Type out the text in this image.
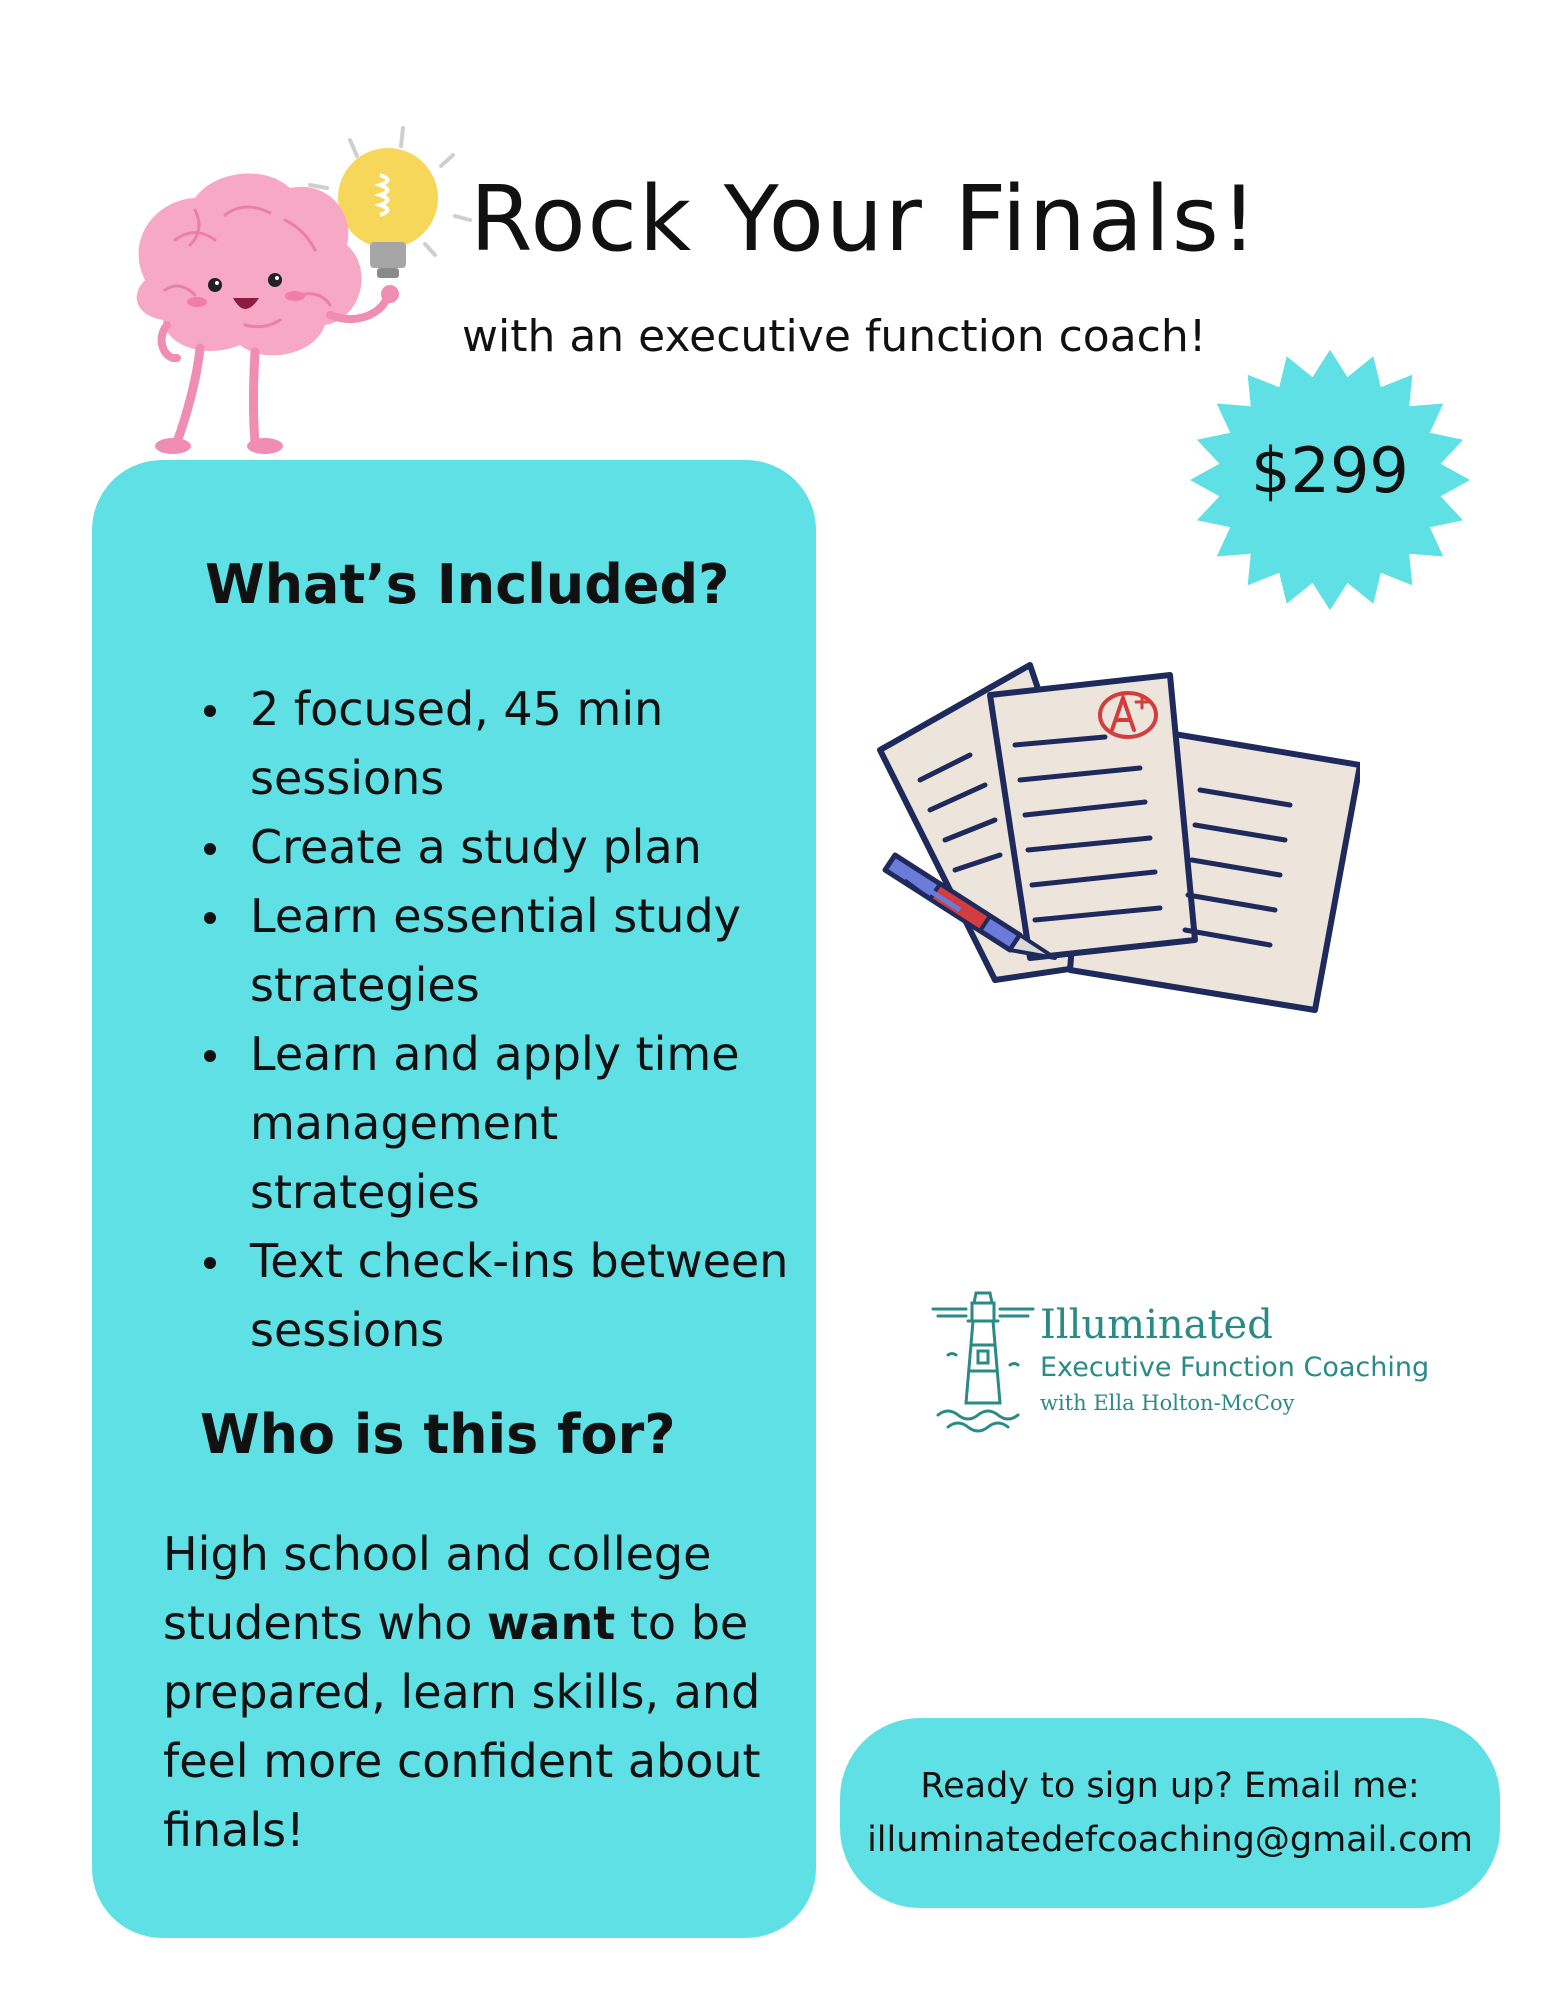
Rock Your Finals!
with an executive function coach!
$299
What’s Included?
2 focused, 45 min sessions
Create a study plan
Learn essential study strategies
Learn and apply time management strategies
Text check-ins between sessions
Who is this for?
High school and college students who want to be prepared, learn skills, and feel more confident about finals!
Illuminated
Executive Function Coaching
with Ella Holton-McCoy
Ready to sign up? Email me:
illuminatedefcoaching@gmail.com
